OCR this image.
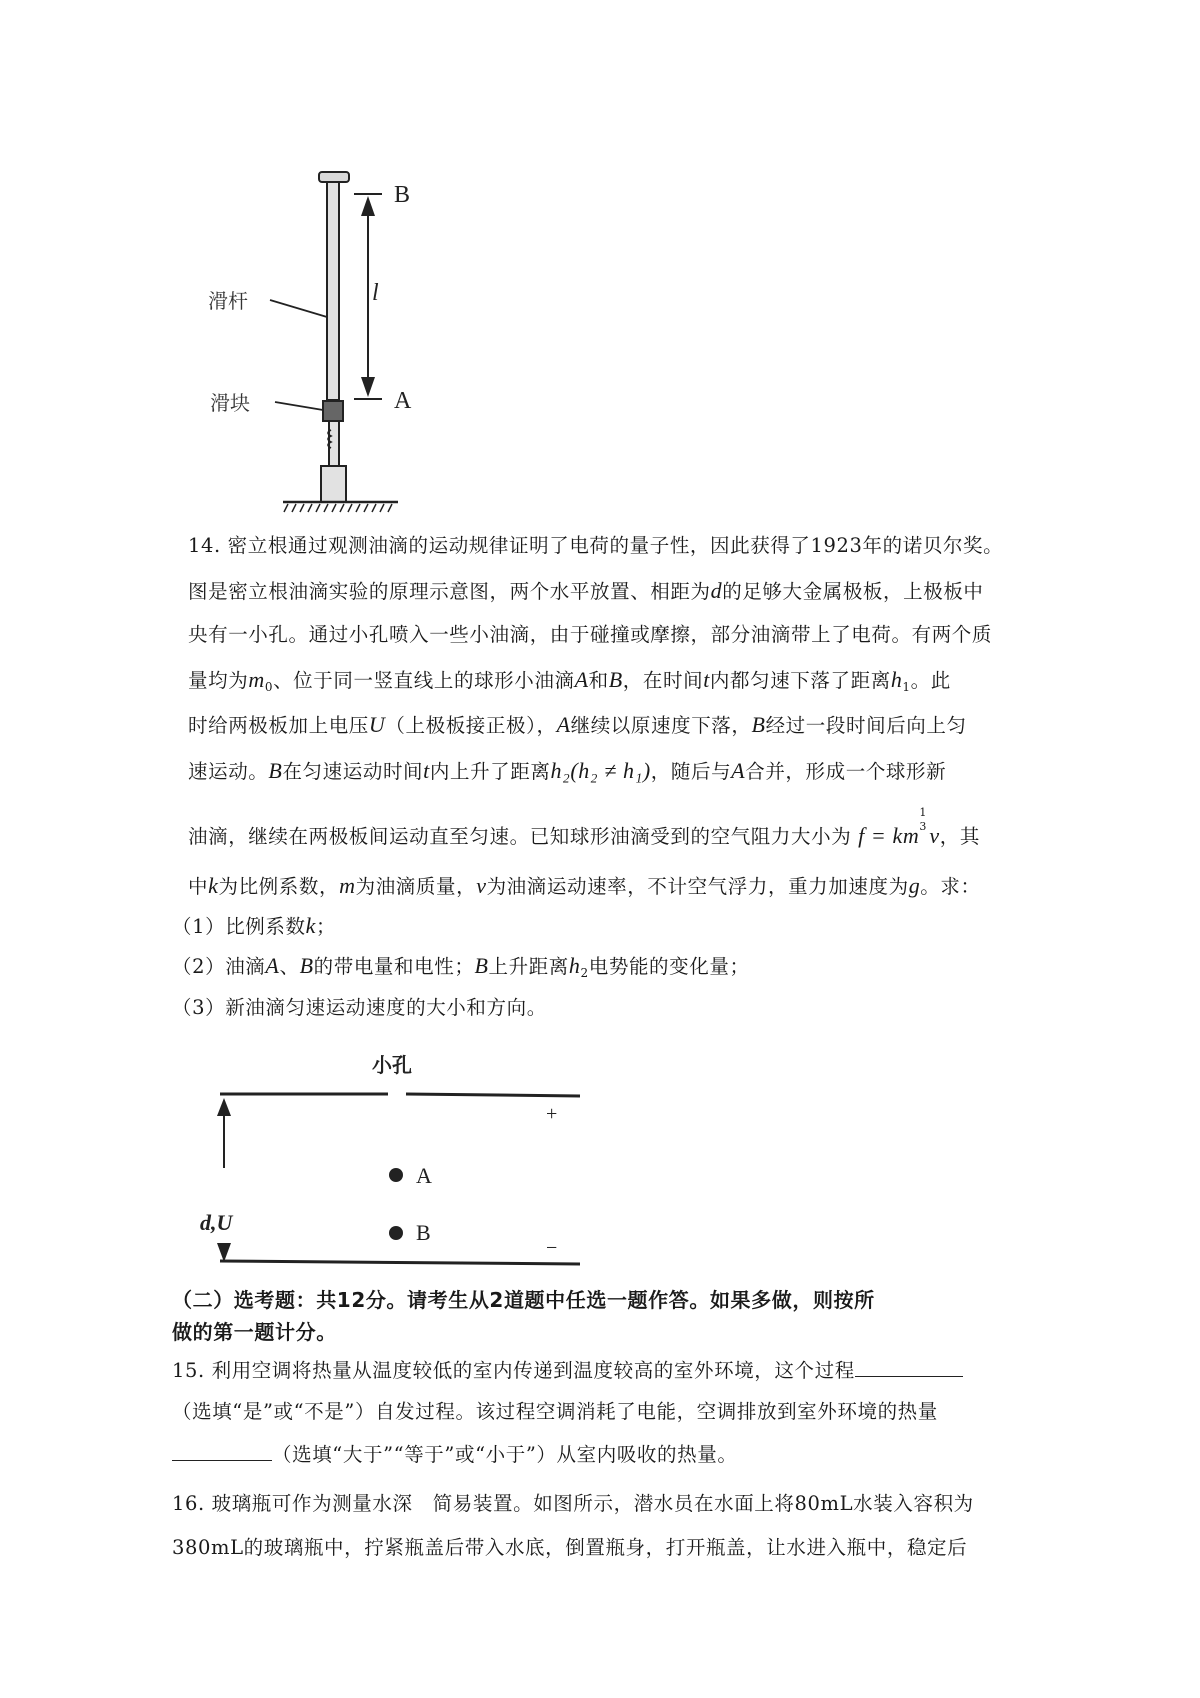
B
A
l
滑杆
滑块
14. 密立根通过观测油滴的运动规律证明了电荷的量子性，因此获得了1923年的诺贝尔奖。
图是密立根油滴实验的原理示意图，两个水平放置、相距为d的足够大金属极板，上极板中
央有一小孔。通过小孔喷入一些小油滴，由于碰撞或摩擦，部分油滴带上了电荷。有两个质
量均为$m_0$、位于同一竖直线上的球形小油滴A和B，在时间t内都匀速下落了距离$h_1$。此
时给两极板加上电压U（上极板接正极），A继续以原速度下落，B经过一段时间后向上匀
速运动。B在匀速运动时间t内上升了距离h₂(h₂ ≠ h₁)，随后与A合并，形成一个球形新
油滴，继续在两极板间运动直至匀速。已知球形油滴受到的空气阻力大小为 f = km
1
3 v，其
中k为比例系数，m为油滴质量，v为油滴运动速率，不计空气浮力，重力加速度为g。求：
（1）比例系数k；
（2）油滴A、B的带电量和电性；B上升距离$h_2$电势能的变化量；
（3）新油滴匀速运动速度的大小和方向。
小孔
+
−
A
B
d,U
（二）选考题：共12分。请考生从2道题中任选一题作答。如果多做，则按所
做的第一题计分。
15. 利用空调将热量从温度较低的室内传递到温度较高的室外环境，这个过程
（选填“是”或“不是”）自发过程。该过程空调消耗了电能，空调排放到室外环境的热量
（选填“大于”“等于”或“小于”）从室内吸收的热量。
16. 玻璃瓶可作为测量水深　简易装置。如图所示，潜水员在水面上将80mL水装入容积为
380mL的玻璃瓶中，拧紧瓶盖后带入水底，倒置瓶身，打开瓶盖，让水进入瓶中，稳定后
